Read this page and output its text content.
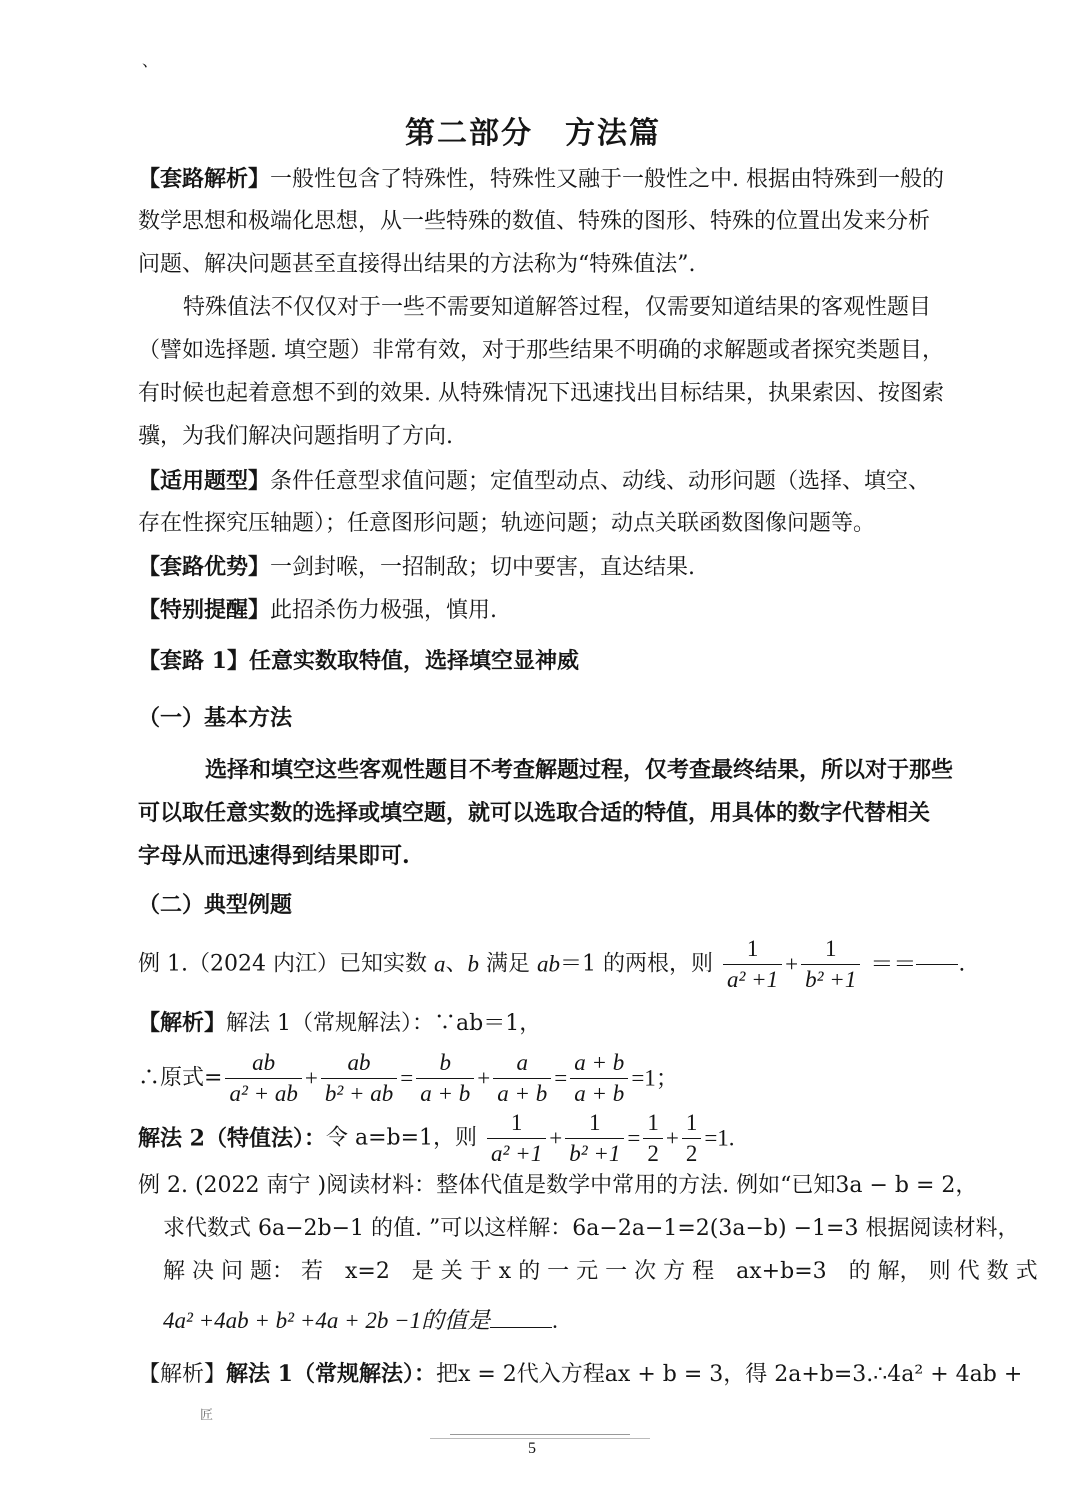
、
第二部分　方法篇
【套路解析】一般性包含了特殊性，特殊性又融于一般性之中. 根据由特殊到一般的
数学思想和极端化思想，从一些特殊的数值、特殊的图形、特殊的位置出发来分析
问题、解决问题甚至直接得出结果的方法称为“特殊值法”.
特殊值法不仅仅对于一些不需要知道解答过程，仅需要知道结果的客观性题目
（譬如选择题. 填空题）非常有效，对于那些结果不明确的求解题或者探究类题目，
有时候也起着意想不到的效果. 从特殊情况下迅速找出目标结果，执果索因、按图索
骥，为我们解决问题指明了方向.
【适用题型】条件任意型求值问题；定值型动点、动线、动形问题（选择、填空、
存在性探究压轴题）；任意图形问题；轨迹问题；动点关联函数图像问题等。
【套路优势】一剑封喉，一招制敌；切中要害，直达结果.
【特别提醒】此招杀伤力极强，慎用.
【套路 1】任意实数取特值，选择填空显神威
（一）基本方法
选择和填空这些客观性题目不考查解题过程，仅考查最终结果，所以对于那些
可以取任意实数的选择或填空题，就可以选取合适的特值，用具体的数字代替相关
字母从而迅速得到结果即可.
（二）典型例题
例 1.（2024 内江）已知实数 a、b 满足 ab＝1 的两根，则 $\frac{1}{\text{a² +1}} + \frac{1}{\text{b² +1}}$ ＝＝ .
【解析】解法 1（常规解法）：∵ab＝1，
∴原式= $\frac{ab}{\text{a² + ab}} + \frac{ab}{\text{b² + ab}} = \frac{b}{a + b} + \frac{a}{a + b} = \frac{a + b}{a + b} =1$；
解法 2（特值法）：令 a=b=1，则 $\frac{1}{\text{a² +1}} + \frac{1}{\text{b² +1}} = \frac{1}{2} + \frac{1}{2} =1$.
例 2. (2022 南宁 )阅读材料：整体代值是数学中常用的方法. 例如“已知3a − b = 2，
求代数式 6a−2b−1 的值. ”可以这样解：6a−2a−1=2(3a−b) −1=3 根据阅读材料，
解 决 问 题： 若　x=2　是 关 于 x 的 一 元 一 次 方 程　ax+b=3　的 解， 则 代 数 式
4a² +4ab + b² +4a + 2b −1的值是	.
【解析】解法 1（常规解法）：把x = 2代入方程ax + b = 3，得 2a+b=3.∴4a² + 4ab +
匠
5
